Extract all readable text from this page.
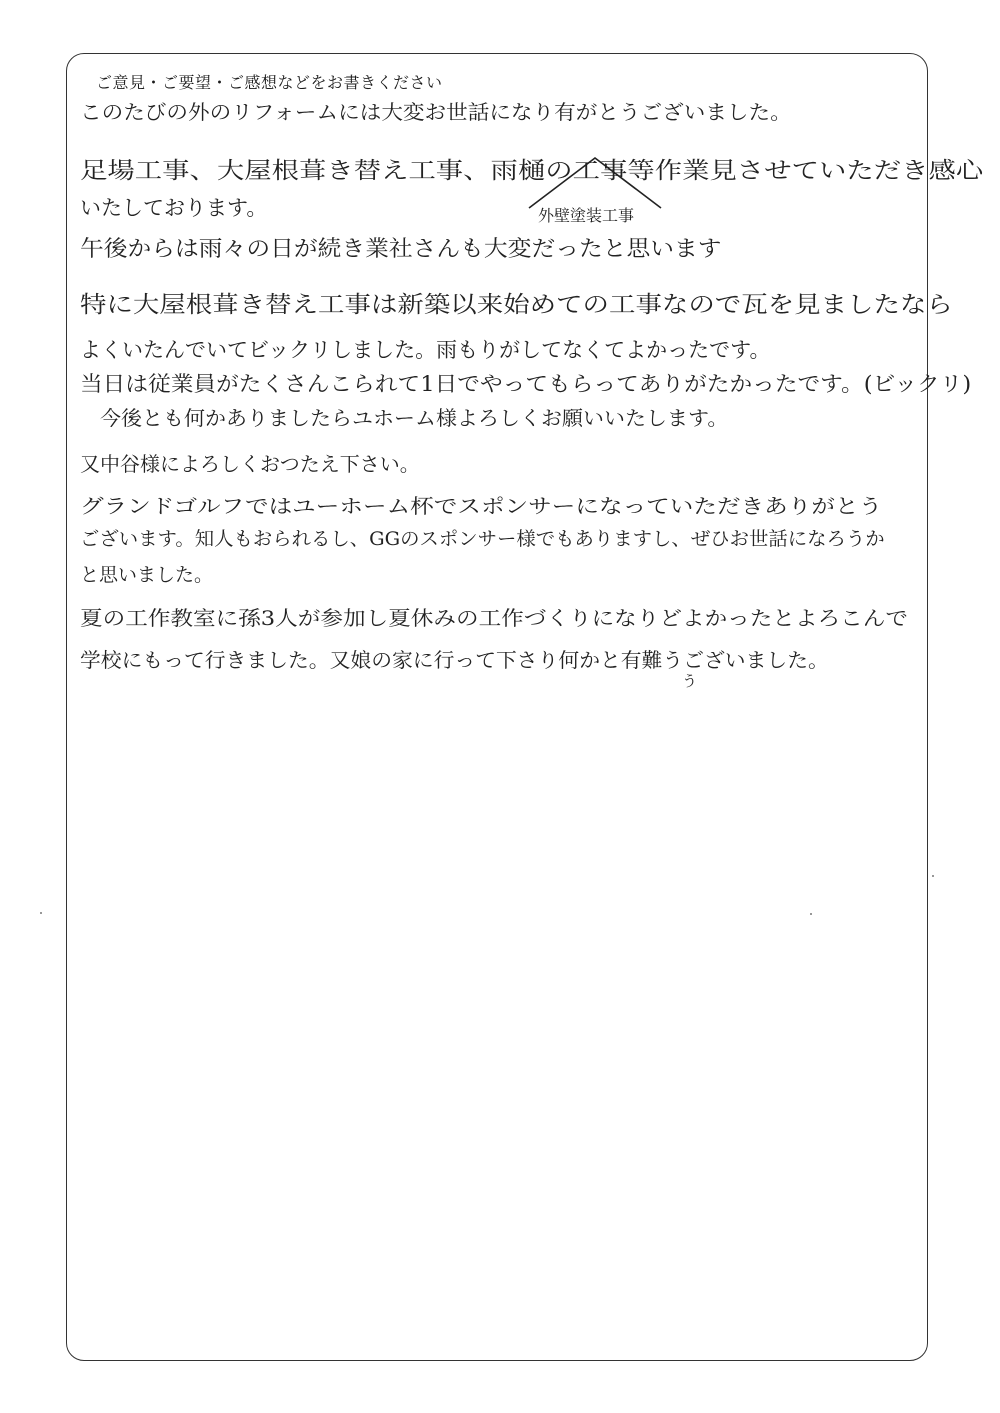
ご意見・ご要望・ご感想などをお書きください
このたびの外のリフォームには大変お世話になり有がとうございました。
足場工事、大屋根葺き替え工事、雨樋の工事等作業見させていただき感心
いたしております。	外壁塗装工事
午後からは雨々の日が続き業社さんも大変だったと思います
特に大屋根葺き替え工事は新築以来始めての工事なので瓦を見ましたなら
よくいたんでいてビックリしました。雨もりがしてなくてよかったです。
当日は従業員がたくさんこられて1日でやってもらってありがたかったです。(ビックリ)
今後とも何かありましたらユホーム様よろしくお願いいたします。
又中谷様によろしくおつたえ下さい。
グランドゴルフではユーホーム杯でスポンサーになっていただきありがとう
ございます。知人もおられるし、GGのスポンサー様でもありますし、ぜひお世話になろうか
と思いました。
夏の工作教室に孫3人が参加し夏休みの工作づくりになりどよかったとよろこんで
学校にもって行きました。又娘の家に行って下さり何かと有難うございました。
う
